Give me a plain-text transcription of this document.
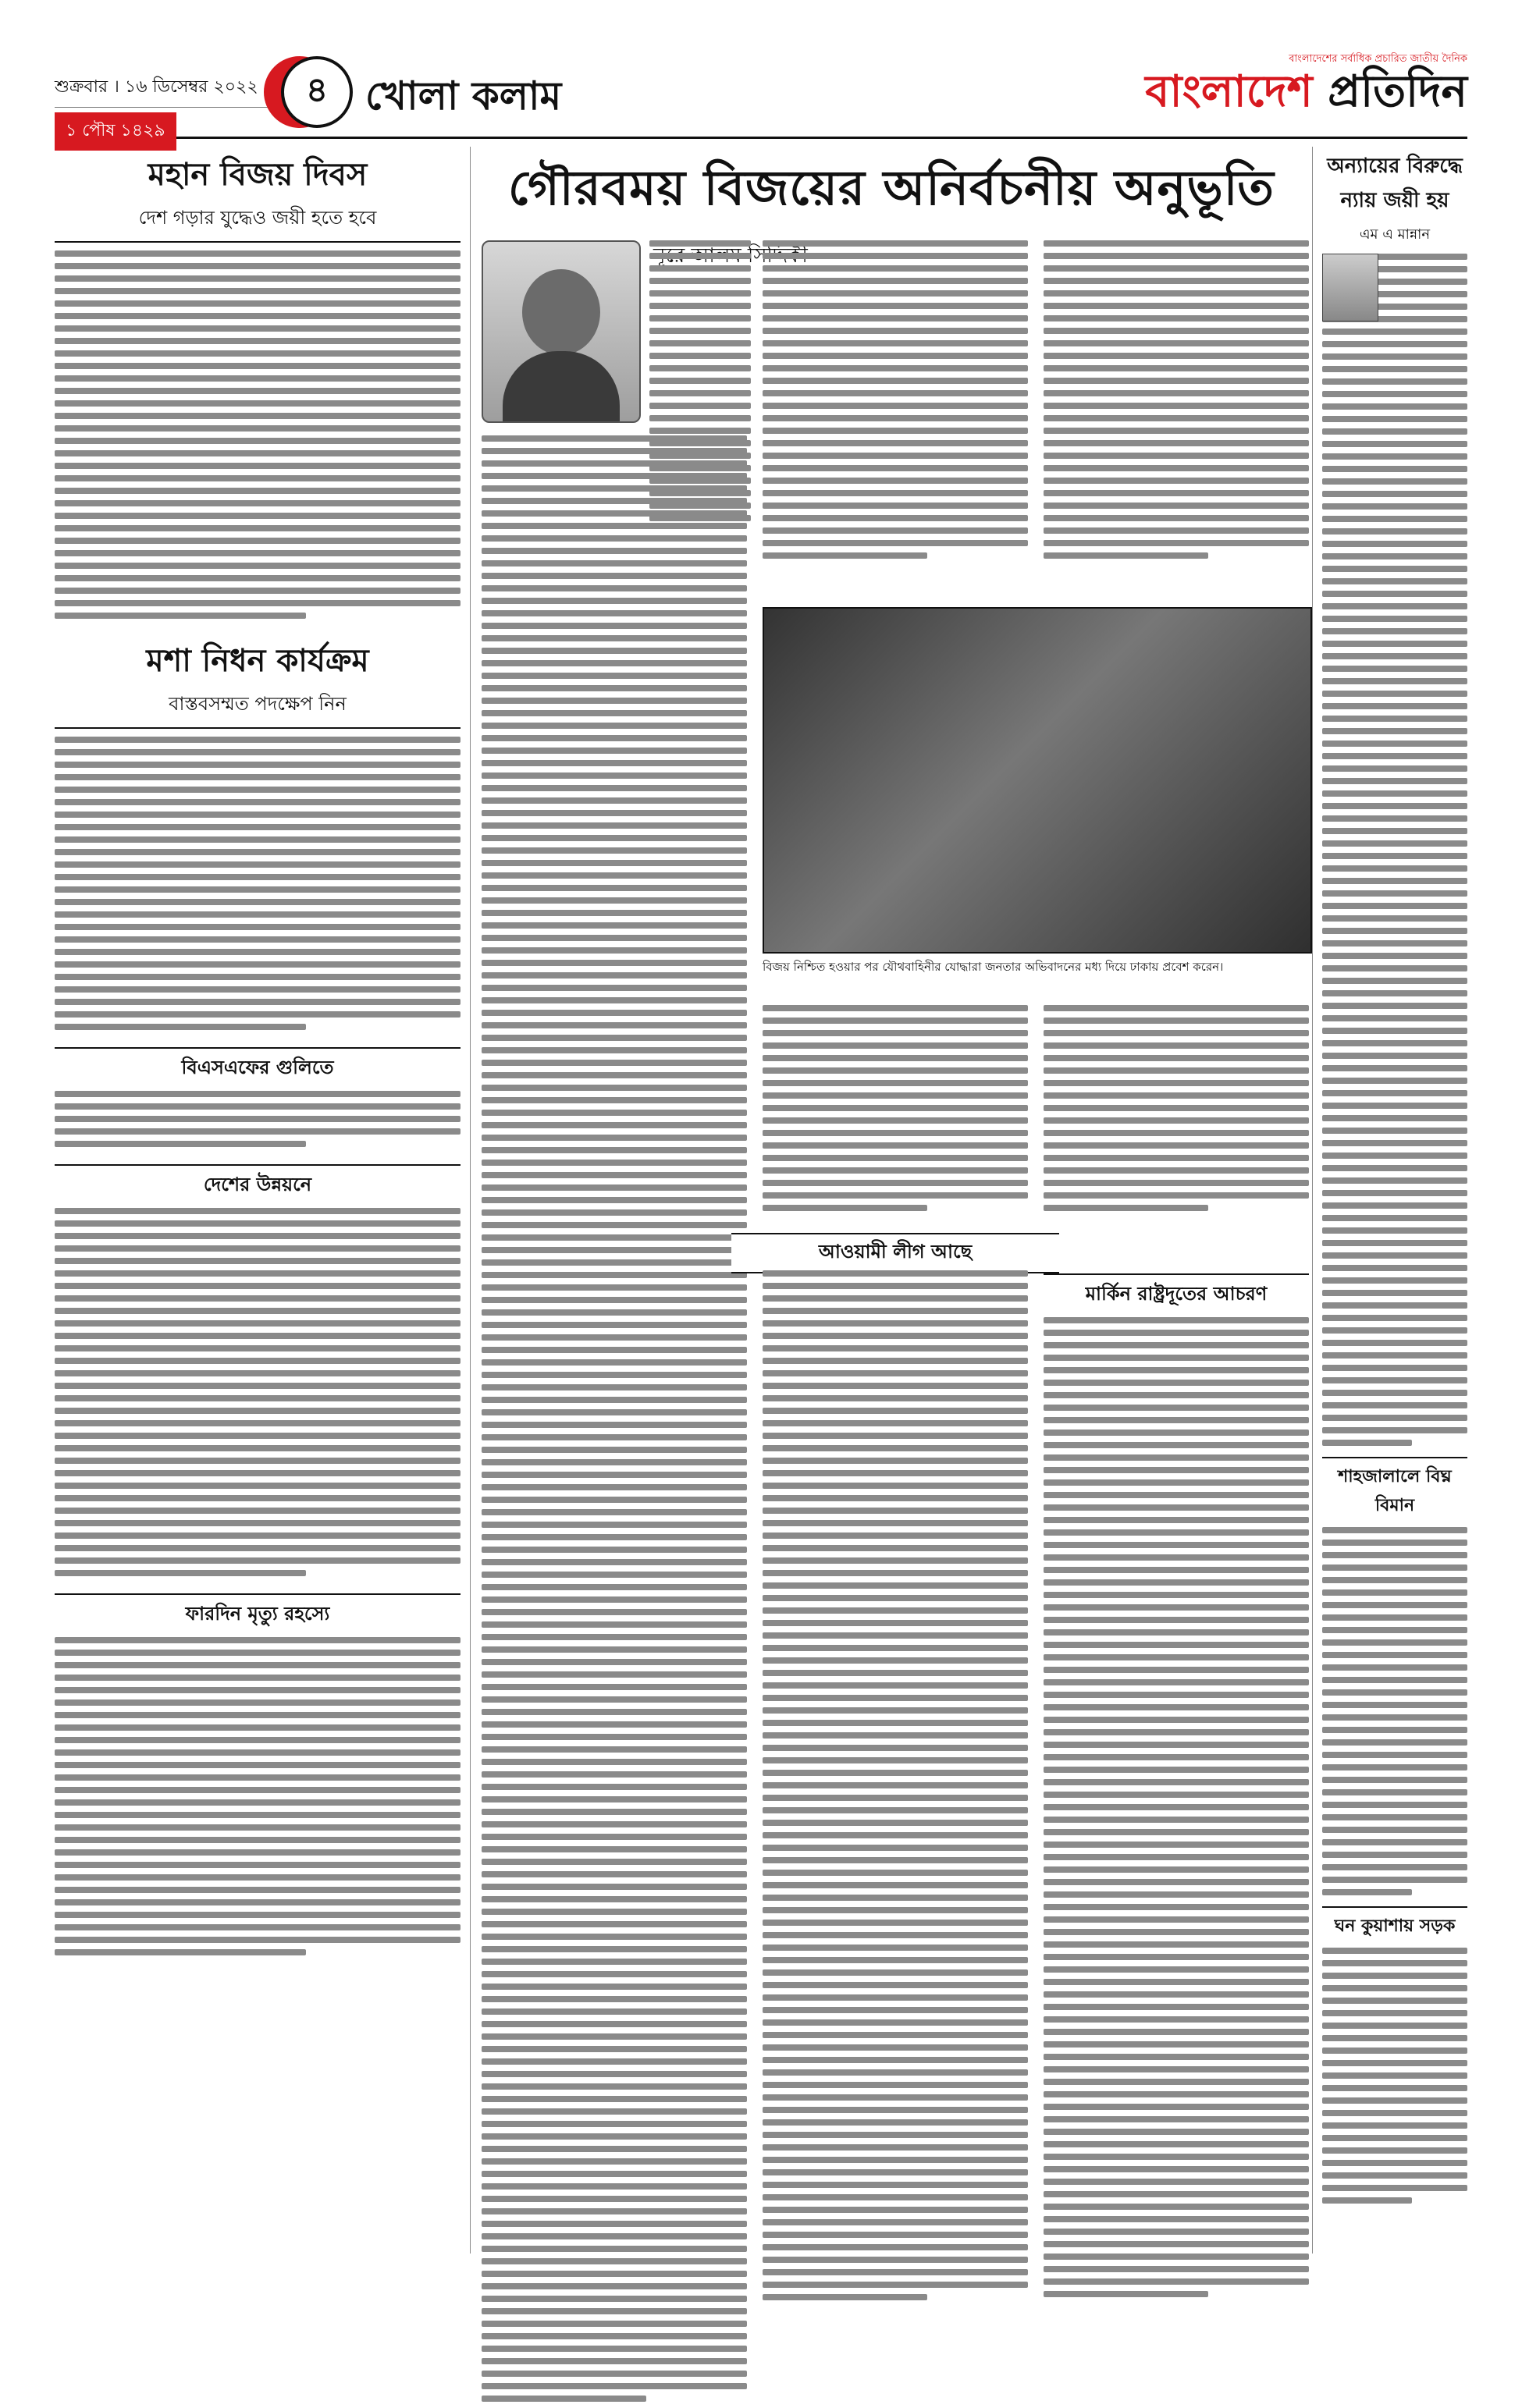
শুক্রবার । ১৬ ডিসেম্বর ২০২২
১ পৌষ ১৪২৯
৪ খোলা কলাম
বাংলাদেশের সর্বাধিক প্রচারিত জাতীয় দৈনিক
বাংলাদেশ প্রতিদিন
মহান বিজয় দিবস
দেশ গড়ার যুদ্ধেও জয়ী হতে হবে
মশা নিধন কার্যক্রম
বাস্তবসম্মত পদক্ষেপ নিন
বিএসএফের গুলিতে
দেশের উন্নয়নে
ফারদিন মৃত্যু রহস্যে
গৌরবময় বিজয়ের অনির্বচনীয় অনুভূতি
বিজয় নিশ্চিত হওয়ার পর যৌথবাহিনীর যোদ্ধারা জনতার অভিবাদনের মধ্য দিয়ে ঢাকায় প্রবেশ করেন।
আওয়ামী লীগ আছে
মার্কিন রাষ্ট্রদূতের আচরণ
অন্যায়ের বিরুদ্ধে ন্যায় জয়ী হয়
এম এ মান্নান
শাহজালালে বিঘ্ন বিমান
ঘন কুয়াশায় সড়ক
